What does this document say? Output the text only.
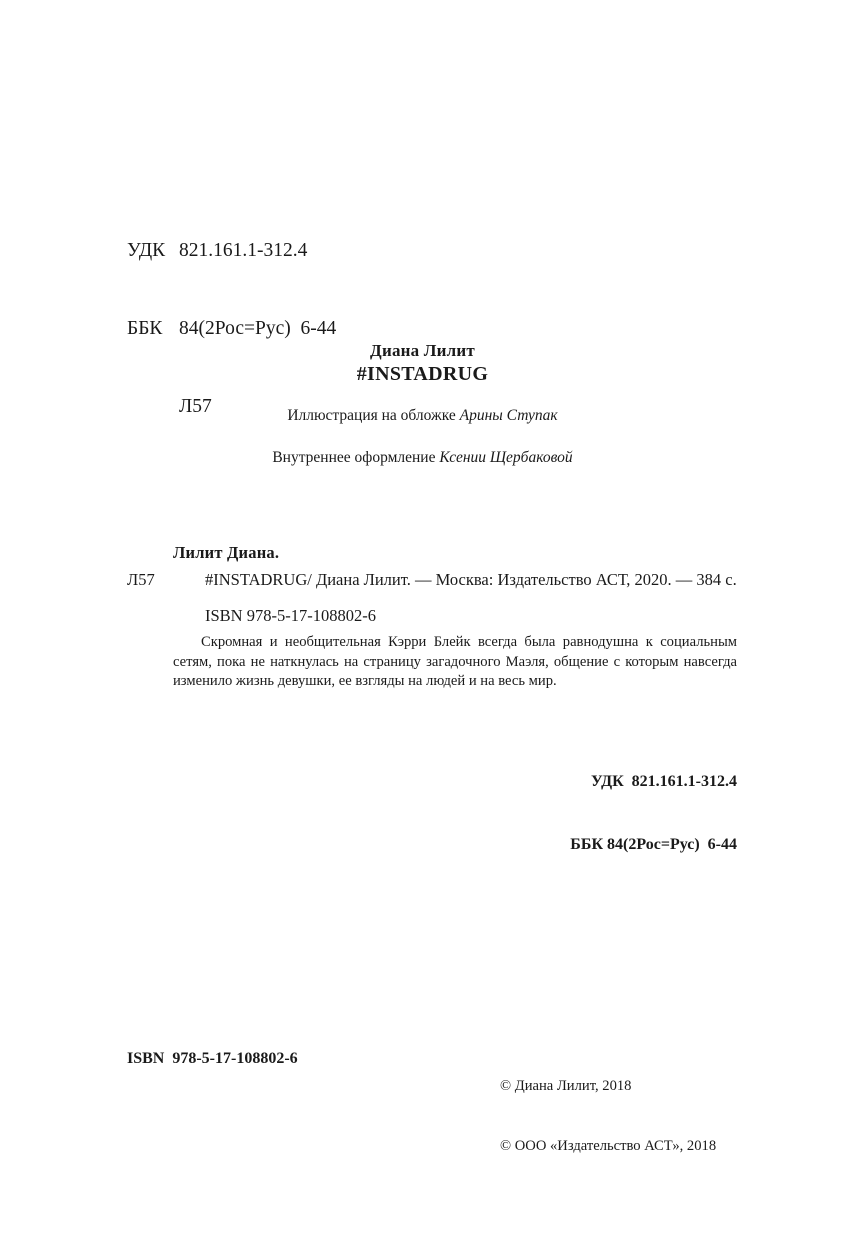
УДК 821.161.1-312.4

ББК 84(2Рос=Рус)  6-44

Л57

Диана Лилит
#INSTADRUG
Иллюстрация на обложке Арины Ступак
Внутреннее оформление Ксении Щербаковой
Лилит Диана.
Л57	#INSTADRUG/ Диана Лилит. — Москва: Издательство АСТ, 2020. — 384 с.
ISBN 978-5-17-108802-6
Скромная и необщительная Кэрри Блейк всегда была равнодушна к социальным сетям, пока не наткнулась на страницу загадочного Маэля, общение с которым навсегда изменило жизнь девушки, ее взгляды на людей и на весь мир.

УДК  821.161.1-312.4

ББК 84(2Рос=Рус)  6-44

ISBN  978-5-17-108802-6

© Диана Лилит, 2018

© ООО «Издательство АСТ», 2018
